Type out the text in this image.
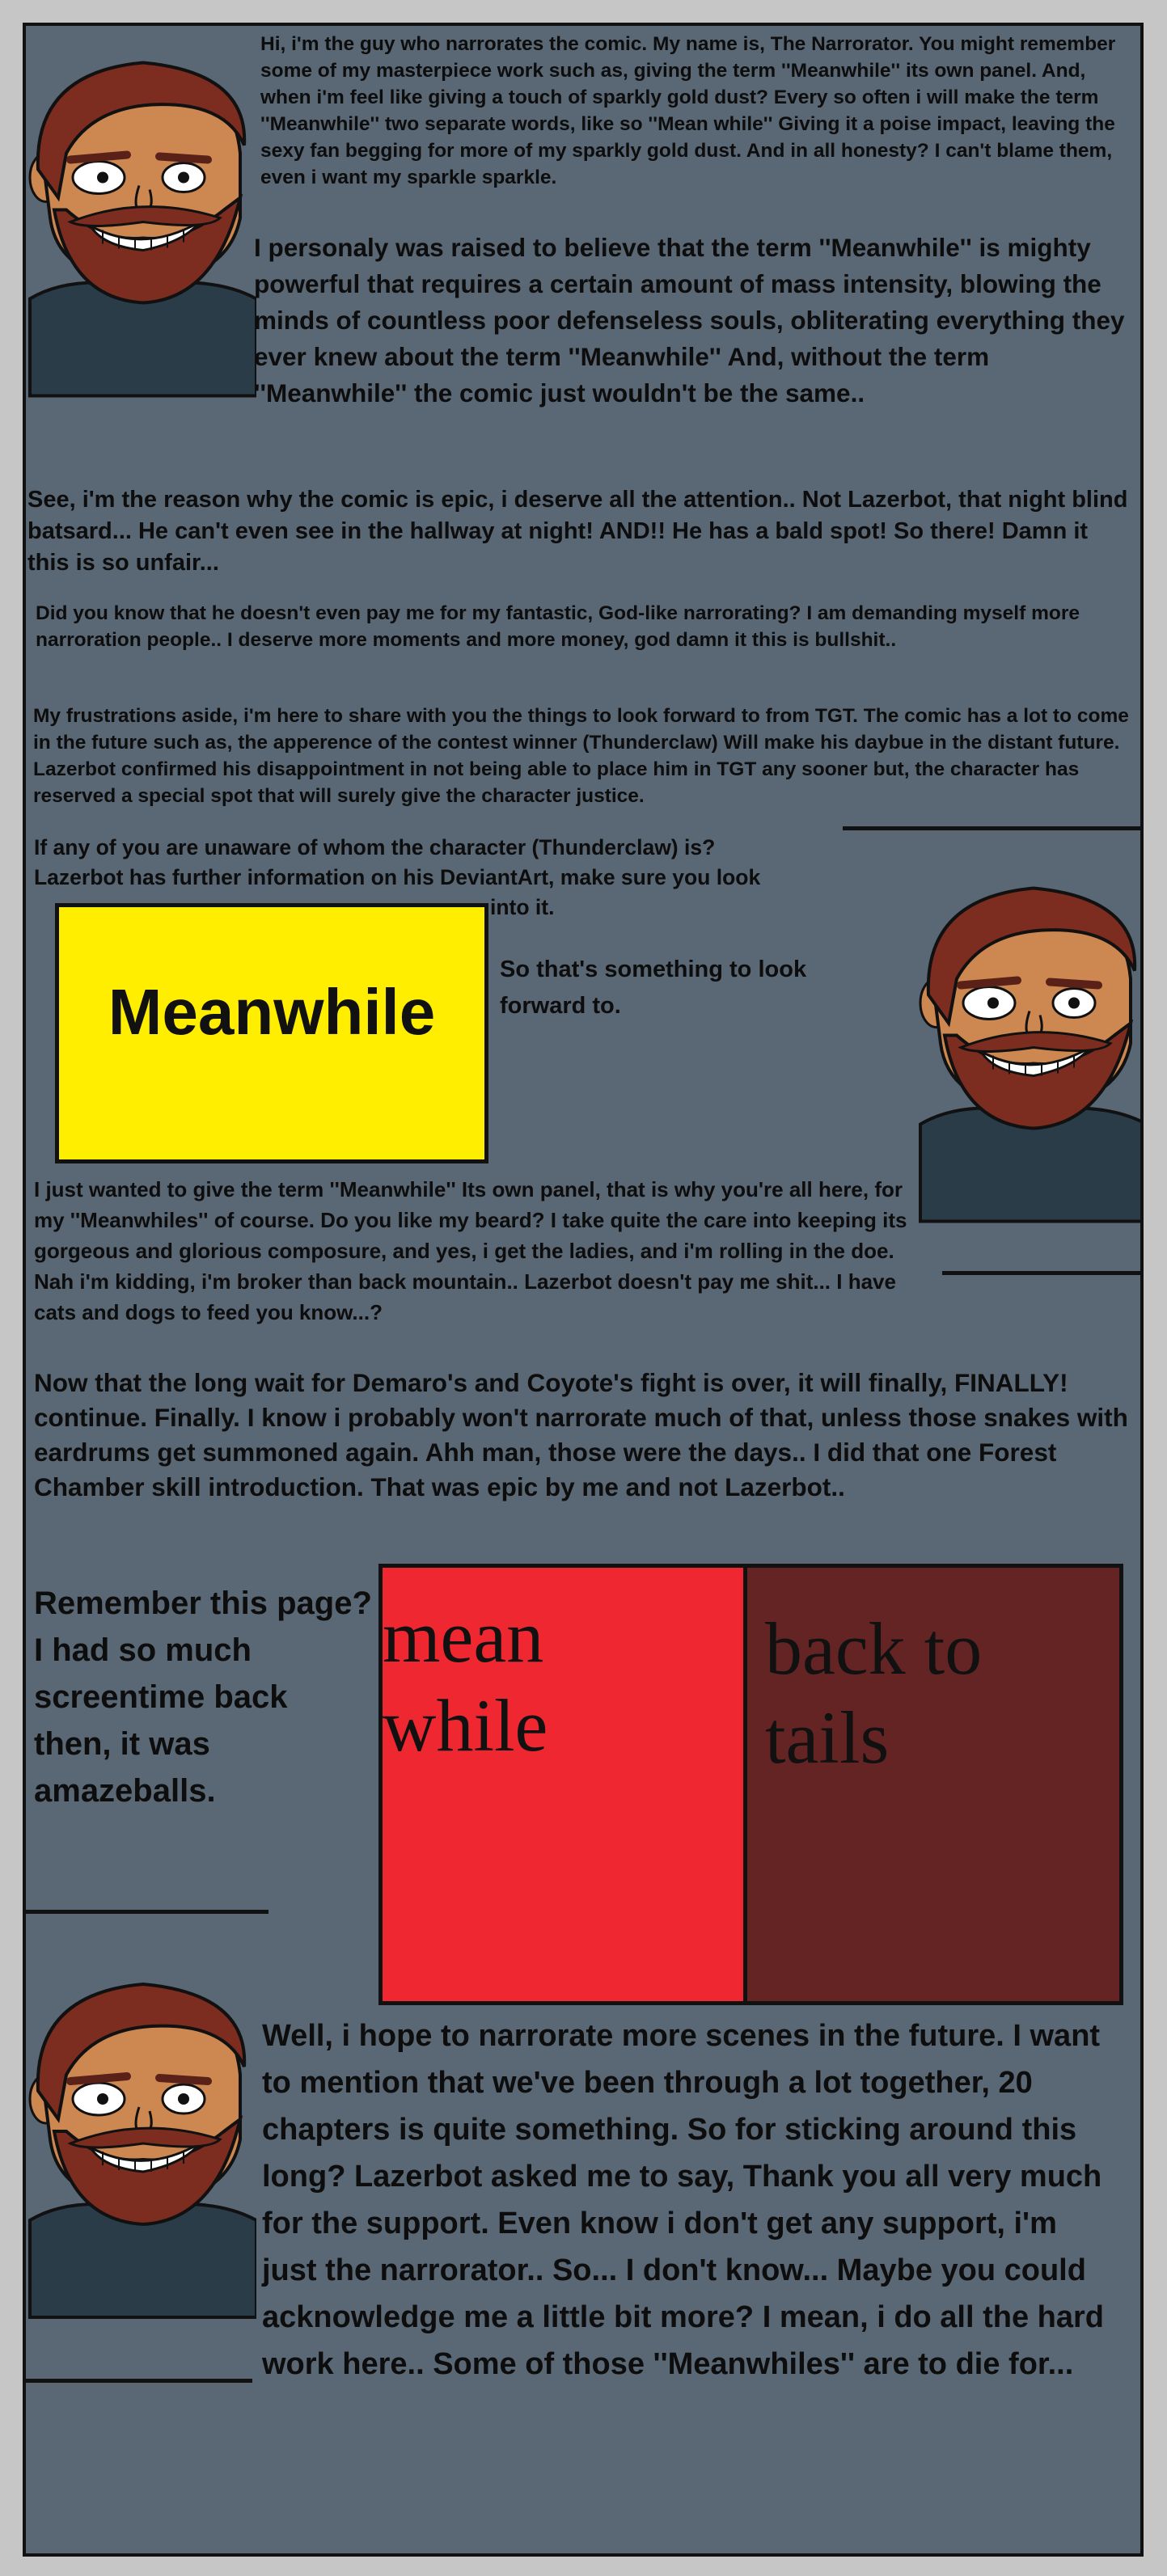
Hi, i'm the guy who narrorates the comic. My name is, The Narrorator. You might remember some of my masterpiece work such as, giving the term ''Meanwhile'' its own panel. And, when i'm feel like giving a touch of sparkly gold dust? Every so often i will make the term ''Meanwhile'' two separate words, like so ''Mean while'' Giving it a poise impact, leaving the sexy fan begging for more of my sparkly gold dust. And in all honesty? I can't blame them, even i want my sparkle sparkle.

I personaly was raised to believe that the term ''Meanwhile'' is mighty powerful that requires a certain amount of mass intensity, blowing the minds of countless poor defenseless souls, obliterating everything they ever knew about the term ''Meanwhile'' And, without the term ''Meanwhile'' the comic just wouldn't be the same..

See, i'm the reason why the comic is epic, i deserve all the attention.. Not Lazerbot, that night blind batsard... He can't even see in the hallway at night! AND!! He has a bald spot! So there! Damn it this is so unfair...

Did you know that he doesn't even pay me for my fantastic, God-like narrorating? I am demanding myself more narroration people.. I deserve more moments and more money, god damn it this is bullshit..

My frustrations aside, i'm here to share with you the things to look forward to from TGT. The comic has a lot to come in the future such as, the apperence of the contest winner (Thunderclaw) Will make his daybue in the distant future. Lazerbot confirmed his disappointment in not being able to place him in TGT any sooner but, the character has reserved a special spot that will surely give the character justice.

If any of you are unaware of whom the character (Thunderclaw) is?

Lazerbot has further information on his DeviantArt, make sure you look

into it.

Meanwhile

So that's something to look forward to.

I just wanted to give the term ''Meanwhile'' Its own panel, that is why you're all here, for my ''Meanwhiles'' of course. Do you like my beard? I take quite the care into keeping its gorgeous and glorious composure, and yes, i get the ladies, and i'm rolling in the doe. Nah i'm kidding, i'm broker than back mountain.. Lazerbot doesn't pay me shit... I have cats and dogs to feed you know...?

Now that the long wait for Demaro's and Coyote's fight is over, it will finally, FINALLY! continue. Finally. I know i probably won't narrorate much of that, unless those snakes with eardrums get summoned again. Ahh man, those were the days.. I did that one Forest Chamber skill introduction. That was epic by me and not Lazerbot..

Remember this page? I had so much screentime back then, it was amazeballs.

mean
while
back to
tails

Well, i hope to narrorate more scenes in the future. I want to mention that we've been through a lot together, 20 chapters is quite something. So for sticking around this long? Lazerbot asked me to say, Thank you all very much for the support. Even know i don't get any support, i'm just the narrorator.. So... I don't know... Maybe you could acknowledge me a little bit more? I mean, i do all the hard work here.. Some of those ''Meanwhiles'' are to die for...
